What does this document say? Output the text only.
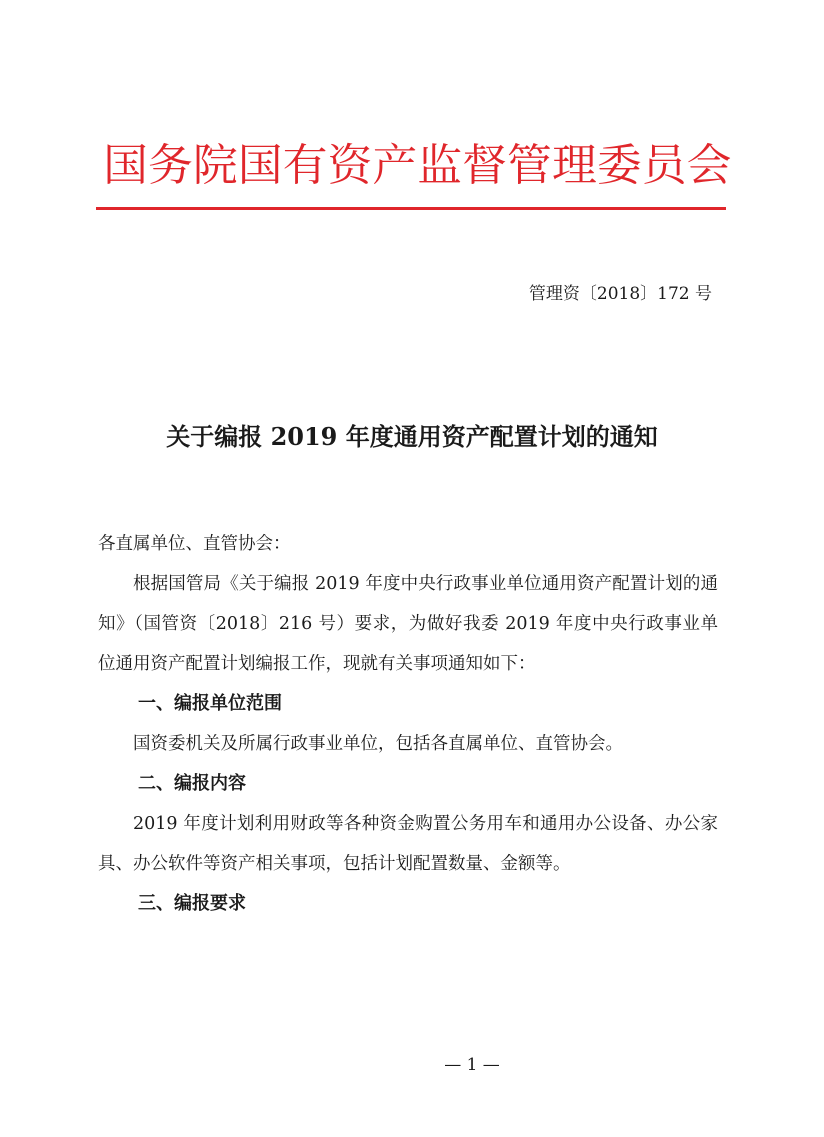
国务院国有资产监督管理委员会
管理资〔2018〕172 号
关于编报 2019 年度通用资产配置计划的通知

各直属单位、直管协会：

根据国管局《关于编报 2019 年度中央行政事业单位通用资产配置计划的通知》（国管资〔2018〕216 号）要求，为做好我委 2019 年度中央行政事业单位通用资产配置计划编报工作，现就有关事项通知如下：

一、编报单位范围

国资委机关及所属行政事业单位，包括各直属单位、直管协会。

二、编报内容

2019 年度计划利用财政等各种资金购置公务用车和通用办公设备、办公家具、办公软件等资产相关事项，包括计划配置数量、金额等。

三、编报要求

— 1 —
